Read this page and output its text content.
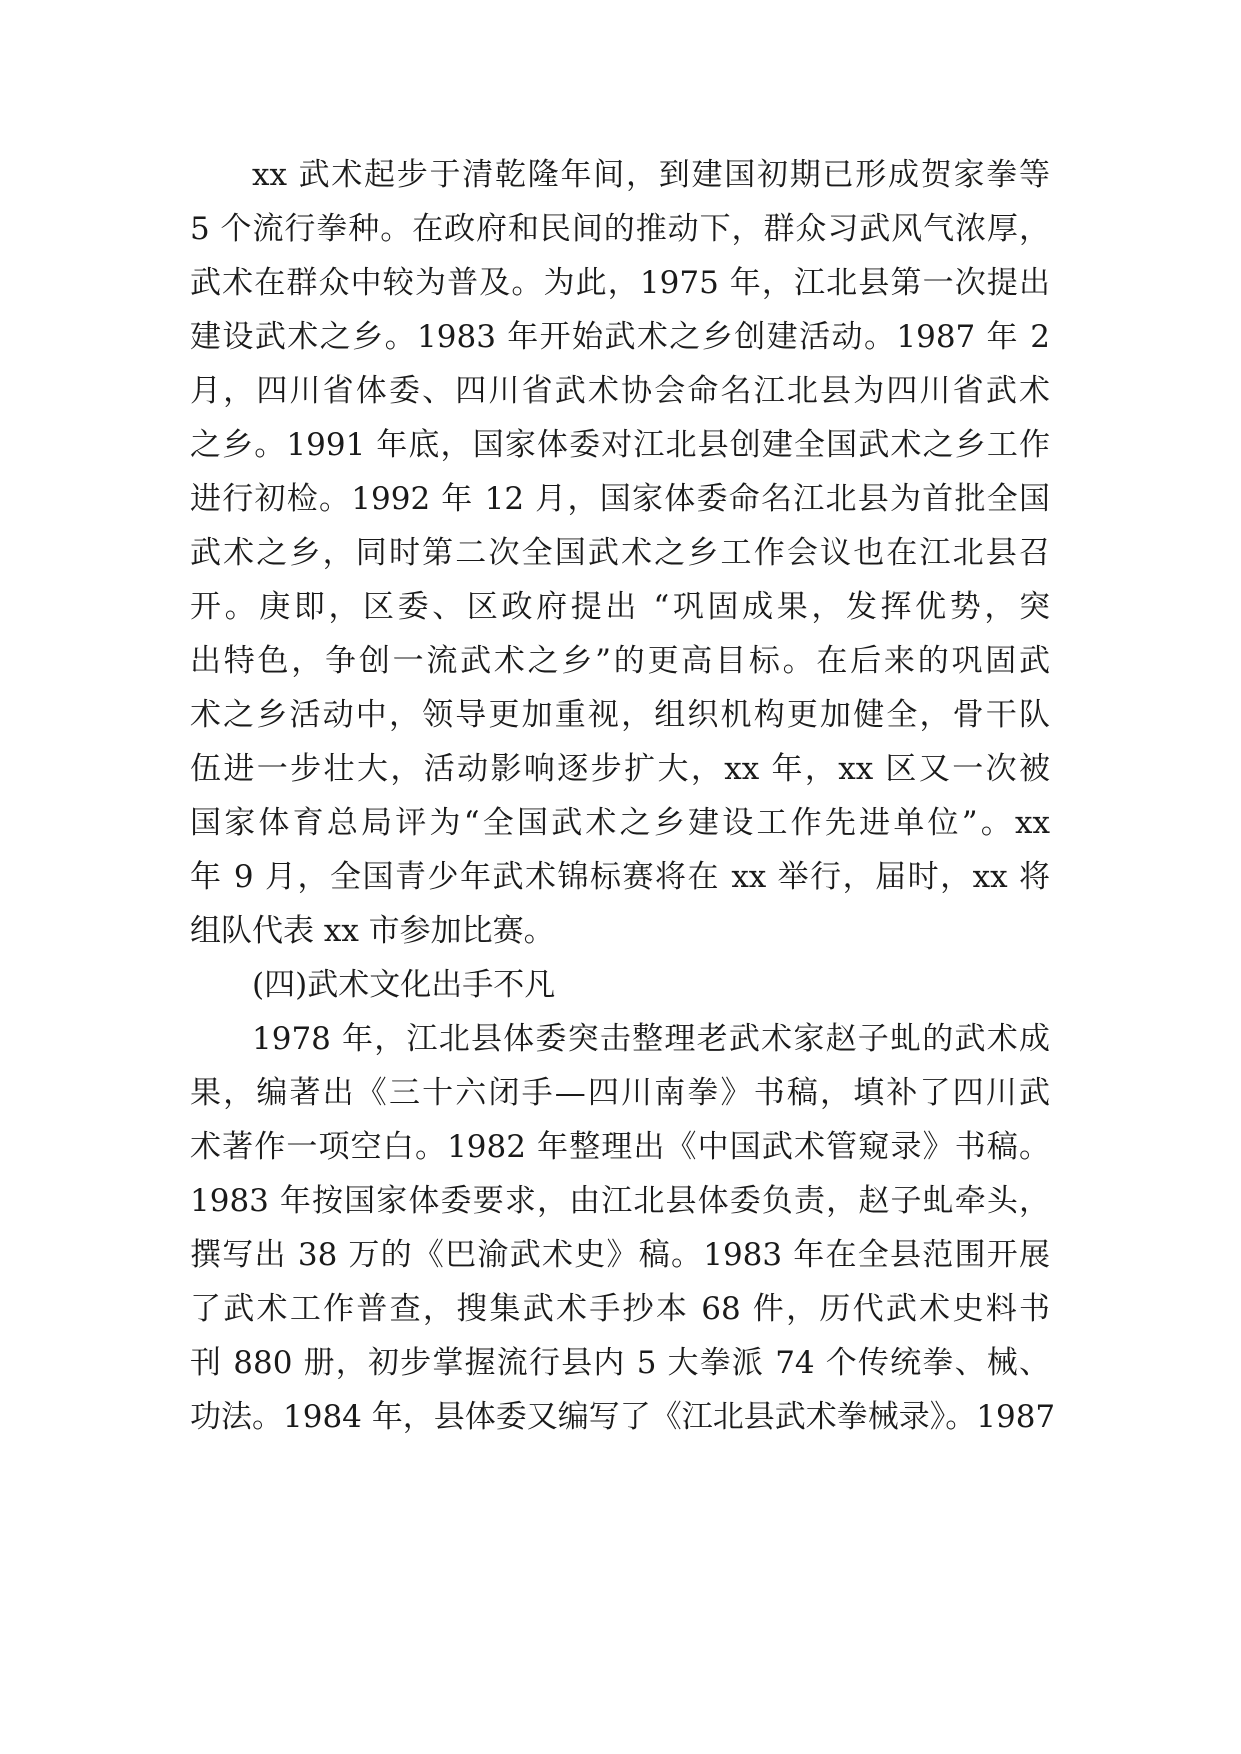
xx 武术起步于清乾隆年间，到建国初期已形成贺家拳等
5 个流行拳种。在政府和民间的推动下，群众习武风气浓厚，
武术在群众中较为普及。为此，1975 年，江北县第一次提出
建设武术之乡。1983 年开始武术之乡创建活动。1987 年 2
月，四川省体委、四川省武术协会命名江北县为四川省武术
之乡。1991 年底，国家体委对江北县创建全国武术之乡工作
进行初检。1992 年 12 月，国家体委命名江北县为首批全国
武术之乡，同时第二次全国武术之乡工作会议也在江北县召
开。庚即，区委、区政府提出 “巩固成果，发挥优势，突
出特色，争创一流武术之乡”的更高目标。在后来的巩固武
术之乡活动中，领导更加重视，组织机构更加健全，骨干队
伍进一步壮大，活动影响逐步扩大，xx 年，xx 区又一次被
国家体育总局评为“全国武术之乡建设工作先进单位”。xx
年 9 月，全国青少年武术锦标赛将在 xx 举行，届时，xx 将
组队代表 xx 市参加比赛。
(四)武术文化出手不凡
1978 年，江北县体委突击整理老武术家赵子虬的武术成
果，编著出《三十六闭手—四川南拳》书稿，填补了四川武
术著作一项空白。1982 年整理出《中国武术管窥录》书稿。
1983 年按国家体委要求，由江北县体委负责，赵子虬牵头，
撰写出 38 万的《巴渝武术史》稿。1983 年在全县范围开展
了武术工作普查，搜集武术手抄本 68 件，历代武术史料书
刊 880 册，初步掌握流行县内 5 大拳派 74 个传统拳、械、
功法。1984 年，县体委又编写了《江北县武术拳械录》。1987
